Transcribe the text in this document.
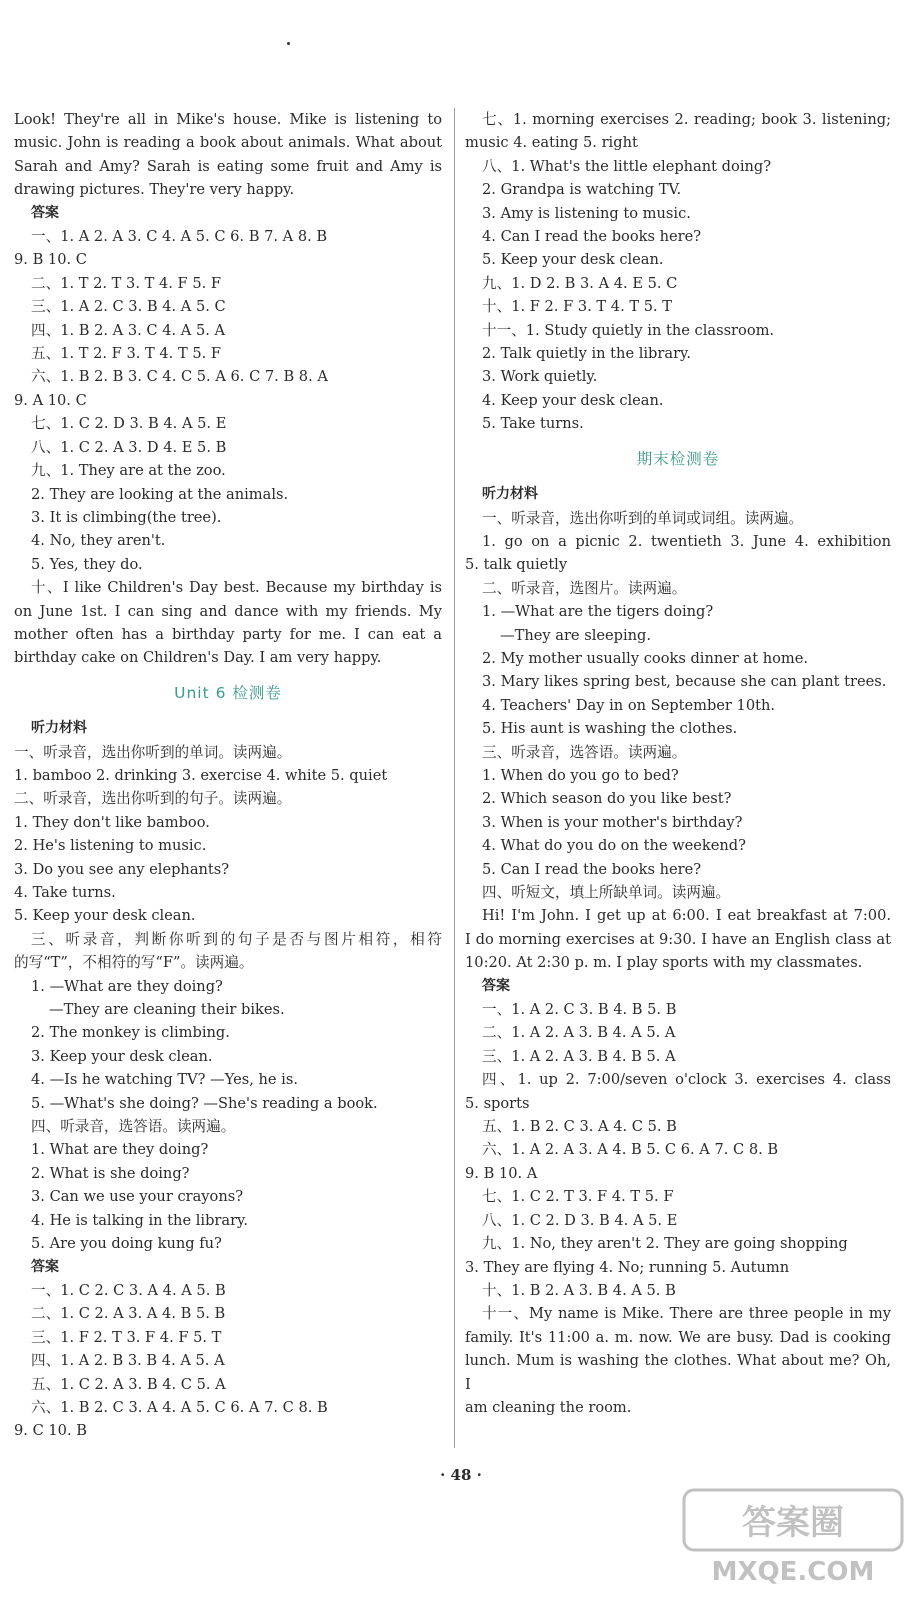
Look! They're all in Mike's house. Mike is listening to
music. John is reading a book about animals. What about
Sarah and Amy? Sarah is eating some fruit and Amy is
drawing pictures. They're very happy.
答案
一、1. A 2. A 3. C 4. A 5. C 6. B 7. A 8. B
9. B 10. C
二、1. T 2. T 3. T 4. F 5. F
三、1. A 2. C 3. B 4. A 5. C
四、1. B 2. A 3. C 4. A 5. A
五、1. T 2. F 3. T 4. T 5. F
六、1. B 2. B 3. C 4. C 5. A 6. C 7. B 8. A
9. A 10. C
七、1. C 2. D 3. B 4. A 5. E
八、1. C 2. A 3. D 4. E 5. B
九、1. They are at the zoo.
2. They are looking at the animals.
3. It is climbing(the tree).
4. No, they aren't.
5. Yes, they do.
十、I like Children's Day best. Because my birthday is
on June 1st. I can sing and dance with my friends. My
mother often has a birthday party for me. I can eat a
birthday cake on Children's Day. I am very happy.
Unit 6 检测卷
听力材料
一、听录音，选出你听到的单词。读两遍。
1. bamboo 2. drinking 3. exercise 4. white 5. quiet
二、听录音，选出你听到的句子。读两遍。
1. They don't like bamboo.
2. He's listening to music.
3. Do you see any elephants?
4. Take turns.
5. Keep your desk clean.
三、听录音，判断你听到的句子是否与图片相符，相符
的写“T”，不相符的写“F”。读两遍。
1. —What are they doing?
—They are cleaning their bikes.
2. The monkey is climbing.
3. Keep your desk clean.
4. —Is he watching TV? —Yes, he is.
5. —What's she doing? —She's reading a book.
四、听录音，选答语。读两遍。
1. What are they doing?
2. What is she doing?
3. Can we use your crayons?
4. He is talking in the library.
5. Are you doing kung fu?
答案
一、1. C 2. C 3. A 4. A 5. B
二、1. C 2. A 3. A 4. B 5. B
三、1. F 2. T 3. F 4. F 5. T
四、1. A 2. B 3. B 4. A 5. A
五、1. C 2. A 3. B 4. C 5. A
六、1. B 2. C 3. A 4. A 5. C 6. A 7. C 8. B
9. C 10. B
七、1. morning exercises 2. reading; book 3. listening;
music 4. eating 5. right
八、1. What's the little elephant doing?
2. Grandpa is watching TV.
3. Amy is listening to music.
4. Can I read the books here?
5. Keep your desk clean.
九、1. D 2. B 3. A 4. E 5. C
十、1. F 2. F 3. T 4. T 5. T
十一、1. Study quietly in the classroom.
2. Talk quietly in the library.
3. Work quietly.
4. Keep your desk clean.
5. Take turns.
期末检测卷
听力材料
一、听录音，选出你听到的单词或词组。读两遍。
1. go on a picnic 2. twentieth 3. June 4. exhibition
5. talk quietly
二、听录音，选图片。读两遍。
1. —What are the tigers doing?
—They are sleeping.
2. My mother usually cooks dinner at home.
3. Mary likes spring best, because she can plant trees.
4. Teachers' Day in on September 10th.
5. His aunt is washing the clothes.
三、听录音，选答语。读两遍。
1. When do you go to bed?
2. Which season do you like best?
3. When is your mother's birthday?
4. What do you do on the weekend?
5. Can I read the books here?
四、听短文，填上所缺单词。读两遍。
Hi! I'm John. I get up at 6:00. I eat breakfast at 7:00.
I do morning exercises at 9:30. I have an English class at
10:20. At 2:30 p. m. I play sports with my classmates.
答案
一、1. A 2. C 3. B 4. B 5. B
二、1. A 2. A 3. B 4. A 5. A
三、1. A 2. A 3. B 4. B 5. A
四、1. up 2. 7:00/seven o'clock 3. exercises 4. class
5. sports
五、1. B 2. C 3. A 4. C 5. B
六、1. A 2. A 3. A 4. B 5. C 6. A 7. C 8. B
9. B 10. A
七、1. C 2. T 3. F 4. T 5. F
八、1. C 2. D 3. B 4. A 5. E
九、1. No, they aren't 2. They are going shopping
3. They are flying 4. No; running 5. Autumn
十、1. B 2. A 3. B 4. A 5. B
十一、My name is Mike. There are three people in my
family. It's 11:00 a. m. now. We are busy. Dad is cooking
lunch. Mum is washing the clothes. What about me? Oh, I
am cleaning the room.
· 48 ·
答案圈
MXQE.COM
